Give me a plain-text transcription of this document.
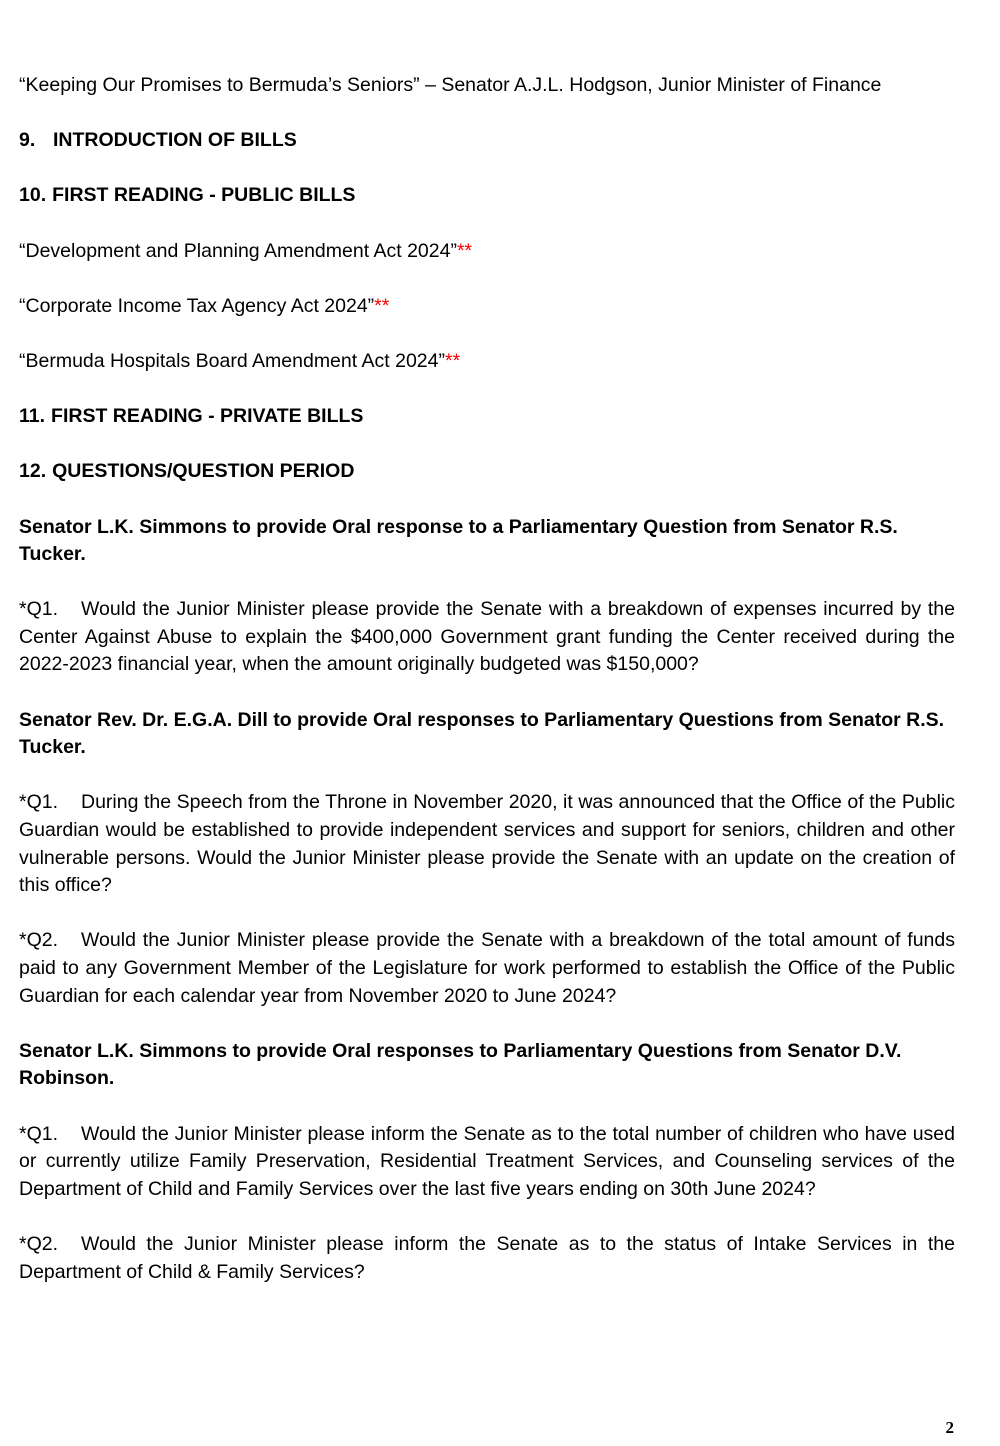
“Keeping Our Promises to Bermuda’s Seniors” – Senator A.J.L. Hodgson, Junior Minister of Finance

9. INTRODUCTION OF BILLS
10. FIRST READING - PUBLIC BILLS

“Development and Planning Amendment Act 2024”**

“Corporate Income Tax Agency Act 2024”**

“Bermuda Hospitals Board Amendment Act 2024”**

11. FIRST READING - PRIVATE BILLS
12. QUESTIONS/QUESTION PERIOD

Senator L.K. Simmons to provide Oral response to a Parliamentary Question from Senator R.S. Tucker.

*Q1. Would the Junior Minister please provide the Senate with a breakdown of expenses incurred by the Center Against Abuse to explain the $400,000 Government grant funding the Center received during the 2022-2023 financial year, when the amount originally budgeted was $150,000?

Senator Rev. Dr. E.G.A. Dill to provide Oral responses to Parliamentary Questions from Senator R.S. Tucker.

*Q1. During the Speech from the Throne in November 2020, it was announced that the Office of the Public Guardian would be established to provide independent services and support for seniors, children and other vulnerable persons. Would the Junior Minister please provide the Senate with an update on the creation of this office?

*Q2. Would the Junior Minister please provide the Senate with a breakdown of the total amount of funds paid to any Government Member of the Legislature for work performed to establish the Office of the Public Guardian for each calendar year from November 2020 to June 2024?

Senator L.K. Simmons to provide Oral responses to Parliamentary Questions from Senator D.V. Robinson.

*Q1. Would the Junior Minister please inform the Senate as to the total number of children who have used or currently utilize Family Preservation, Residential Treatment Services, and Counseling services of the Department of Child and Family Services over the last five years ending on 30th June 2024?

*Q2. Would the Junior Minister please inform the Senate as to the status of Intake Services in the Department of Child & Family Services?

2
